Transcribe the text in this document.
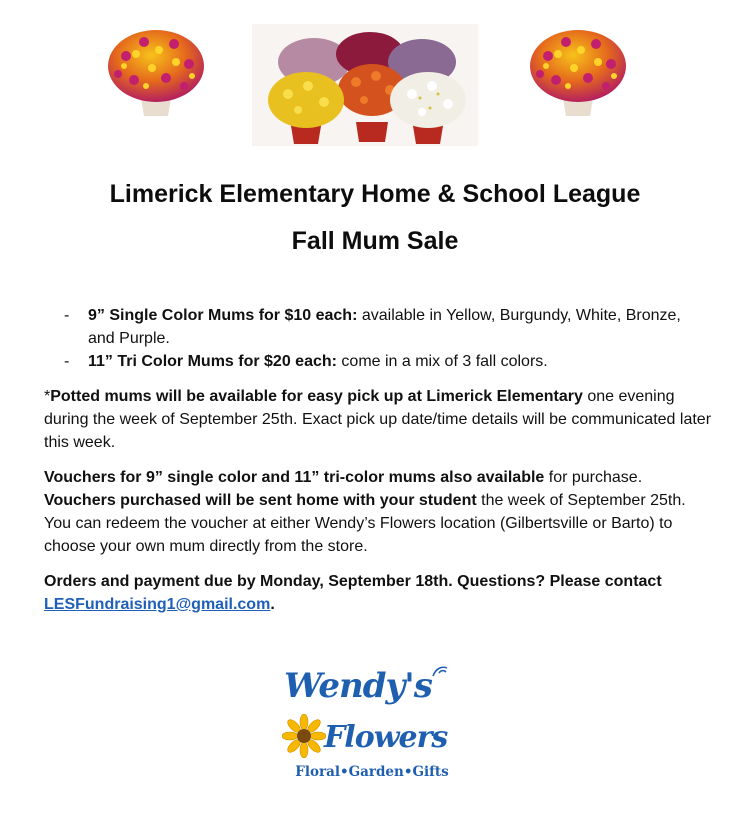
Limerick Elementary Home & School League
Fall Mum Sale
- 9” Single Color Mums for $10 each: available in Yellow, Burgundy, White, Bronze, and Purple.
- 11” Tri Color Mums for $20 each: come in a mix of 3 fall colors.

*Potted mums will be available for easy pick up at Limerick Elementary one evening during the week of September 25th. Exact pick up date/time details will be communicated later this week.

Vouchers for 9” single color and 11” tri-color mums also available for purchase. Vouchers purchased will be sent home with your student the week of September 25th. You can redeem the voucher at either Wendy’s Flowers location (Gilbertsville or Barto) to choose your own mum directly from the store.

Orders and payment due by Monday, September 18th. Questions? Please contact LESFundraising1@gmail.com.

Wendy's
Flowers
Floral•Garden•Gifts
